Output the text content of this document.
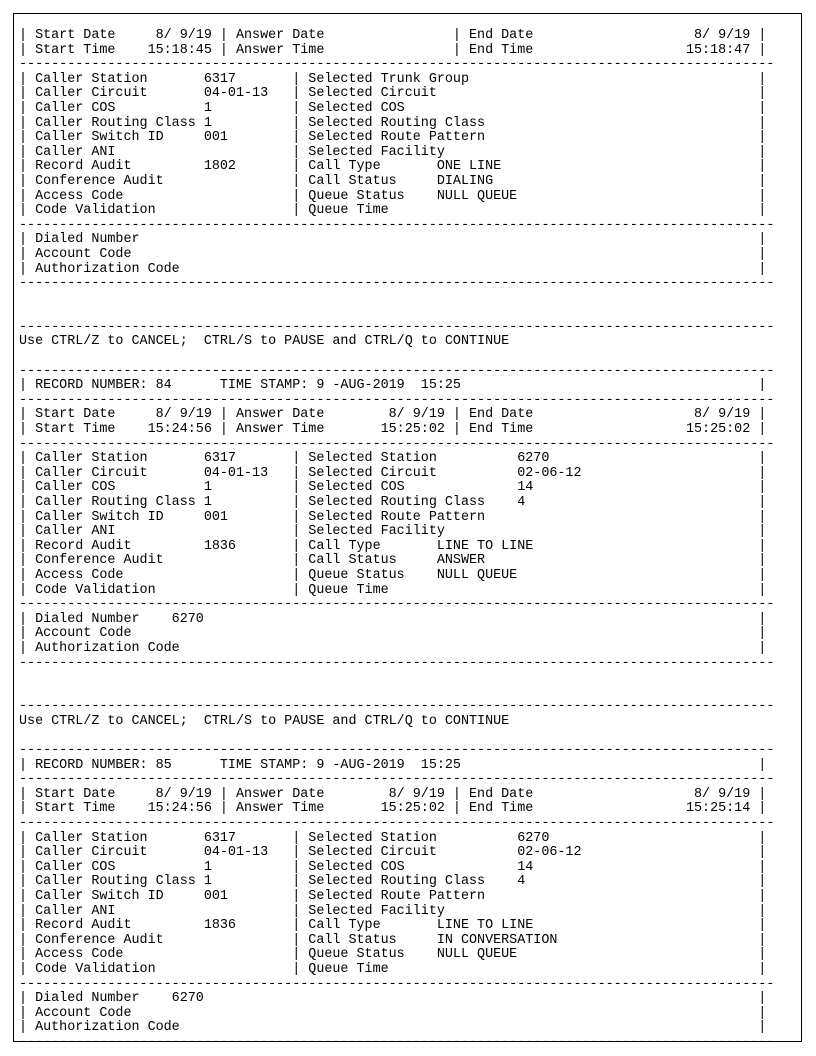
| Start Date     8/ 9/19 | Answer Date                | End Date                    8/ 9/19 |
| Start Time    15:18:45 | Answer Time                | End Time                   15:18:47 |
----------------------------------------------------------------------------------------------
| Caller Station       6317       | Selected Trunk Group                                    |
| Caller Circuit       04-01-13   | Selected Circuit                                        |
| Caller COS           1          | Selected COS                                            |
| Caller Routing Class 1          | Selected Routing Class                                  |
| Caller Switch ID     001        | Selected Route Pattern                                  |
| Caller ANI                      | Selected Facility                                       |
| Record Audit         1802       | Call Type       ONE LINE                                |
| Conference Audit                | Call Status     DIALING                                 |
| Access Code                     | Queue Status    NULL QUEUE                              |
| Code Validation                 | Queue Time                                              |
----------------------------------------------------------------------------------------------
| Dialed Number                                                                             |
| Account Code                                                                              |
| Authorization Code                                                                        |
----------------------------------------------------------------------------------------------
----------------------------------------------------------------------------------------------
Use CTRL/Z to CANCEL;  CTRL/S to PAUSE and CTRL/Q to CONTINUE
----------------------------------------------------------------------------------------------
| RECORD NUMBER: 84      TIME STAMP: 9 -AUG-2019  15:25                                     |
----------------------------------------------------------------------------------------------
| Start Date     8/ 9/19 | Answer Date        8/ 9/19 | End Date                    8/ 9/19 |
| Start Time    15:24:56 | Answer Time       15:25:02 | End Time                   15:25:02 |
----------------------------------------------------------------------------------------------
| Caller Station       6317       | Selected Station          6270                          |
| Caller Circuit       04-01-13   | Selected Circuit          02-06-12                      |
| Caller COS           1          | Selected COS              14                            |
| Caller Routing Class 1          | Selected Routing Class    4                             |
| Caller Switch ID     001        | Selected Route Pattern                                  |
| Caller ANI                      | Selected Facility                                       |
| Record Audit         1836       | Call Type       LINE TO LINE                            |
| Conference Audit                | Call Status     ANSWER                                  |
| Access Code                     | Queue Status    NULL QUEUE                              |
| Code Validation                 | Queue Time                                              |
----------------------------------------------------------------------------------------------
| Dialed Number    6270                                                                     |
| Account Code                                                                              |
| Authorization Code                                                                        |
----------------------------------------------------------------------------------------------
----------------------------------------------------------------------------------------------
Use CTRL/Z to CANCEL;  CTRL/S to PAUSE and CTRL/Q to CONTINUE
----------------------------------------------------------------------------------------------
| RECORD NUMBER: 85      TIME STAMP: 9 -AUG-2019  15:25                                     |
----------------------------------------------------------------------------------------------
| Start Date     8/ 9/19 | Answer Date        8/ 9/19 | End Date                    8/ 9/19 |
| Start Time    15:24:56 | Answer Time       15:25:02 | End Time                   15:25:14 |
----------------------------------------------------------------------------------------------
| Caller Station       6317       | Selected Station          6270                          |
| Caller Circuit       04-01-13   | Selected Circuit          02-06-12                      |
| Caller COS           1          | Selected COS              14                            |
| Caller Routing Class 1          | Selected Routing Class    4                             |
| Caller Switch ID     001        | Selected Route Pattern                                  |
| Caller ANI                      | Selected Facility                                       |
| Record Audit         1836       | Call Type       LINE TO LINE                            |
| Conference Audit                | Call Status     IN CONVERSATION                         |
| Access Code                     | Queue Status    NULL QUEUE                              |
| Code Validation                 | Queue Time                                              |
----------------------------------------------------------------------------------------------
| Dialed Number    6270                                                                     |
| Account Code                                                                              |
| Authorization Code                                                                        |
----------------------------------------------------------------------------------------------
